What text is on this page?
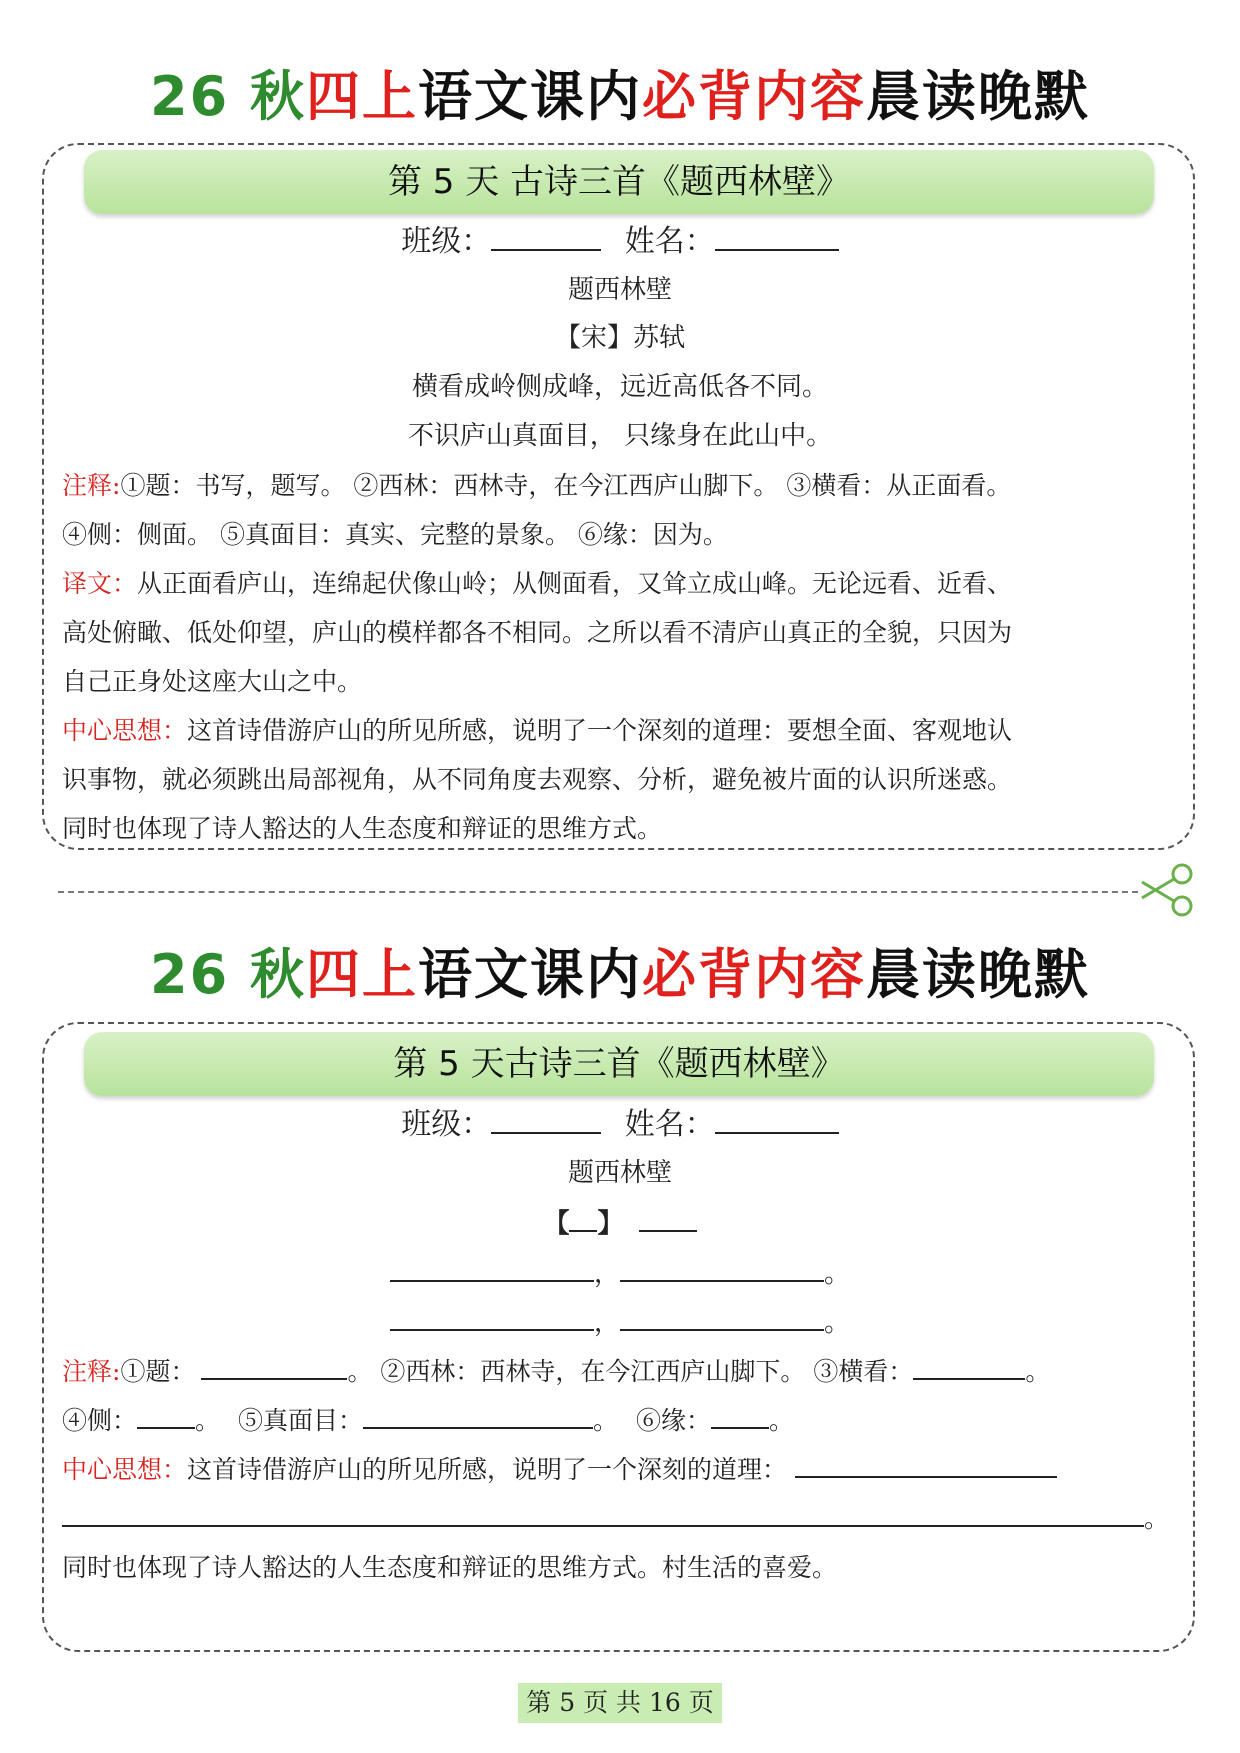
26 秋四上语文课内必背内容晨读晚默
第 5 天 古诗三首《题西林壁》
班级：	姓名：
题西林壁
【宋】苏轼
横看成岭侧成峰，远近高低各不同。
不识庐山真面目， 只缘身在此山中。
注释:①题：书写，题写。 ②西林：西林寺，在今江西庐山脚下。 ③横看：从正面看。
④侧：侧面。 ⑤真面目：真实、完整的景象。 ⑥缘：因为。
译文：从正面看庐山，连绵起伏像山岭；从侧面看，又耸立成山峰。无论远看、近看、
高处俯瞰、低处仰望，庐山的模样都各不相同。之所以看不清庐山真正的全貌，只因为
自己正身处这座大山之中。
中心思想：这首诗借游庐山的所见所感，说明了一个深刻的道理：要想全面、客观地认
识事物，就必须跳出局部视角，从不同角度去观察、分析，避免被片面的认识所迷惑。
同时也体现了诗人豁达的人生态度和辩证的思维方式。
26 秋四上语文课内必背内容晨读晚默
第 5 天古诗三首《题西林壁》
班级：	姓名：
题西林壁
【 】
，	。
，	。
注释:①题：	。 ②西林：西林寺，在今江西庐山脚下。 ③横看：	。
④侧： 。 ⑤真面目：	。 ⑥缘： 。
中心思想：这首诗借游庐山的所见所感，说明了一个深刻的道理：
。
同时也体现了诗人豁达的人生态度和辩证的思维方式。村生活的喜爱。
第 5 页 共 16 页
